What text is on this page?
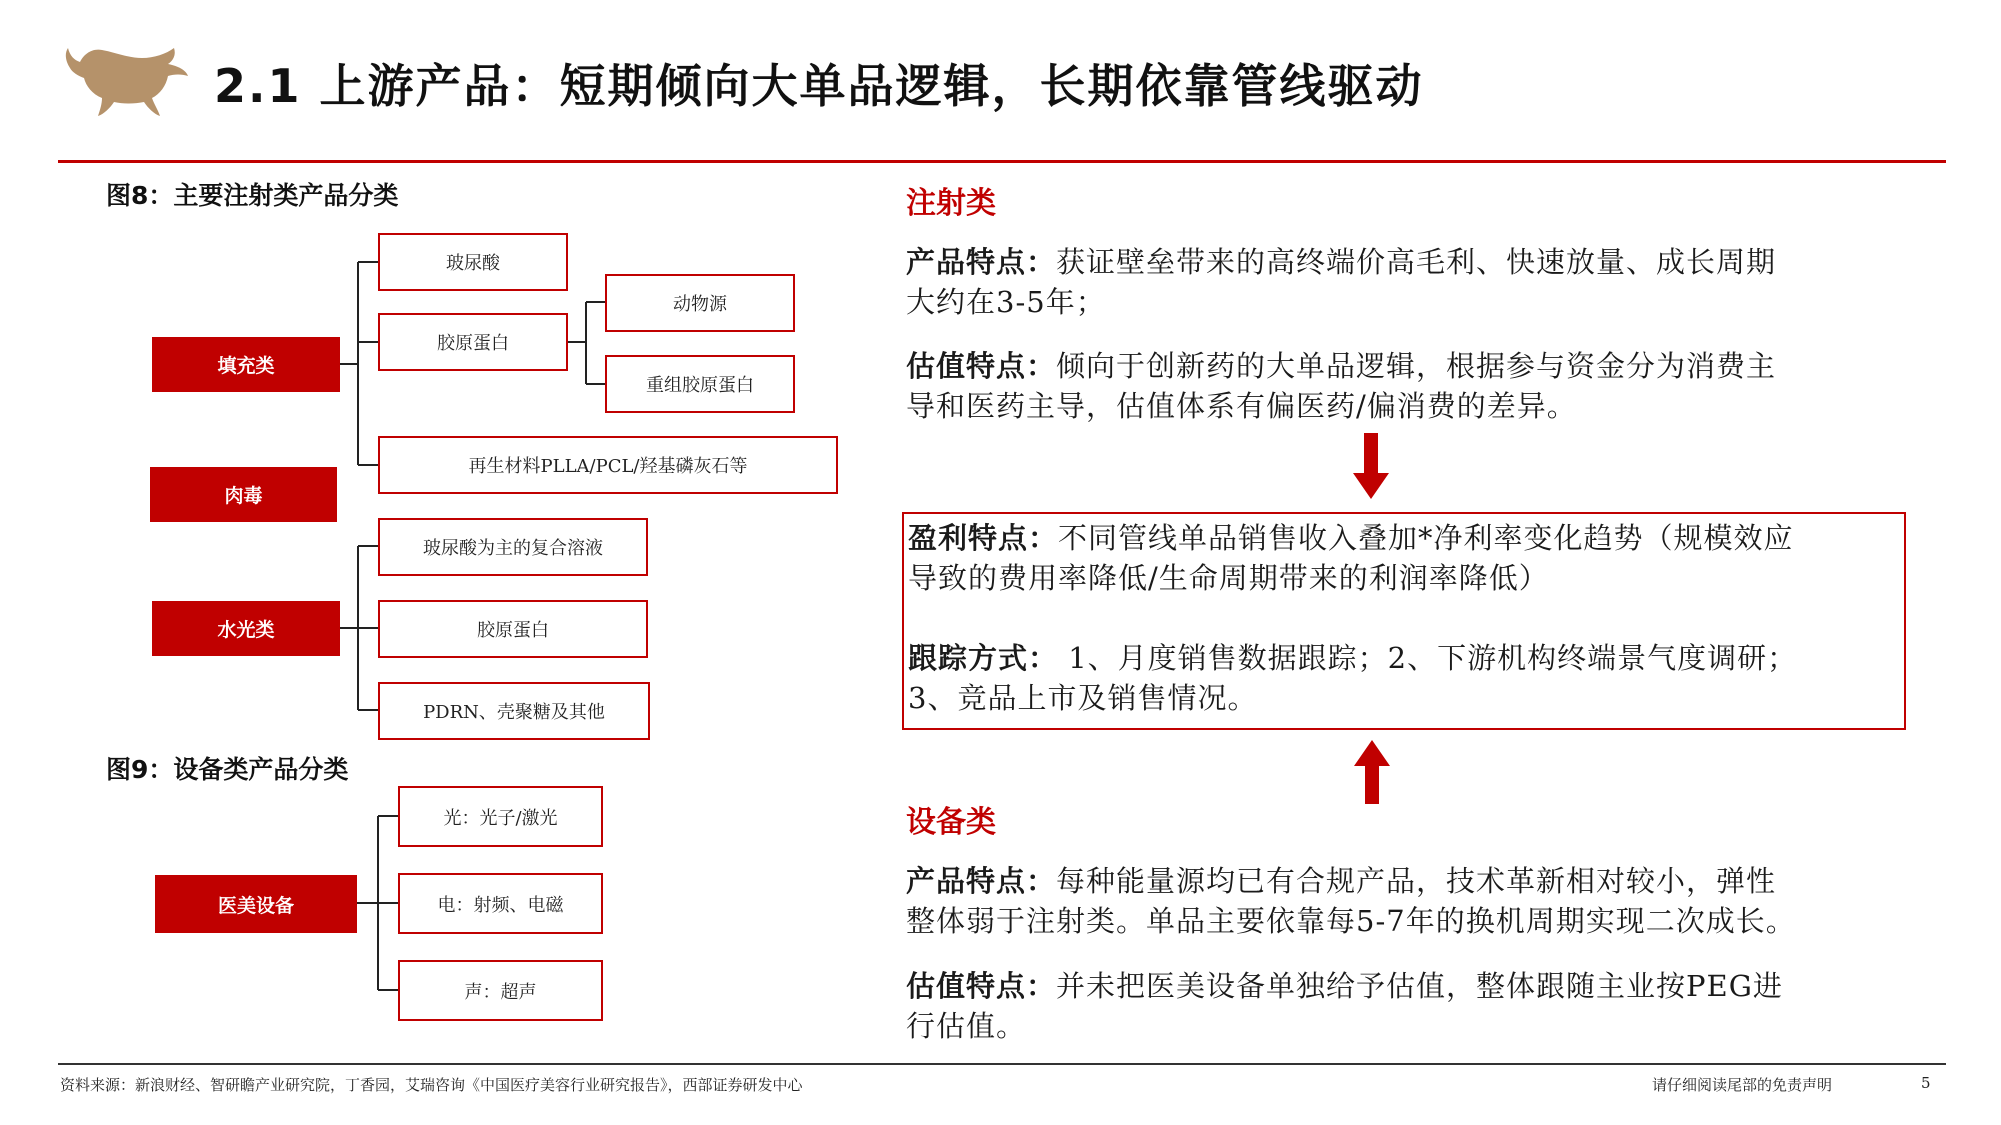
2.1 上游产品：短期倾向大单品逻辑，长期依靠管线驱动
图8：主要注射类产品分类
填充类
肉毒
水光类
玻尿酸
胶原蛋白
动物源
重组胶原蛋白
再生材料PLLA/PCL/羟基磷灰石等
玻尿酸为主的复合溶液
胶原蛋白
PDRN、壳聚糖及其他
图9：设备类产品分类
医美设备
光：光子/激光
电：射频、电磁
声：超声
注射类
产品特点：获证壁垒带来的高终端价高毛利、快速放量、成长周期
大约在3-5年；
估值特点：倾向于创新药的大单品逻辑，根据参与资金分为消费主
导和医药主导，估值体系有偏医药/偏消费的差异。
盈利特点：不同管线单品销售收入叠加*净利率变化趋势（规模效应
导致的费用率降低/生命周期带来的利润率降低）
跟踪方式： 1、月度销售数据跟踪；2、下游机构终端景气度调研；
3、竞品上市及销售情况。
设备类
产品特点：每种能量源均已有合规产品，技术革新相对较小，弹性
整体弱于注射类。单品主要依靠每5-7年的换机周期实现二次成长。
估值特点：并未把医美设备单独给予估值，整体跟随主业按PEG进
行估值。
资料来源：新浪财经、智研瞻产业研究院，丁香园，艾瑞咨询《中国医疗美容行业研究报告》，西部证券研发中心	请仔细阅读尾部的免责声明	5
